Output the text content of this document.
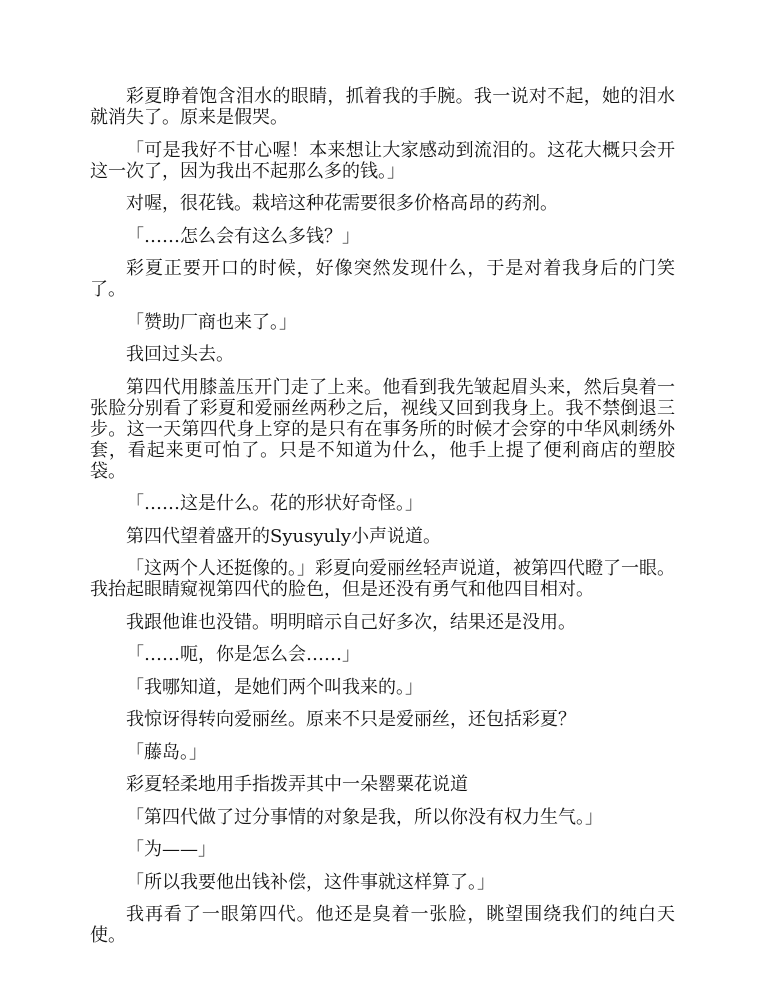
彩夏睁着饱含泪水的眼睛，抓着我的手腕。我一说对不起，她的泪水就消失了。原来是假哭。

「可是我好不甘心喔！本来想让大家感动到流泪的。这花大概只会开这一次了，因为我出不起那么多的钱。」

对喔，很花钱。栽培这种花需要很多价格高昂的药剂。

「……怎么会有这么多钱？」

彩夏正要开口的时候，好像突然发现什么，于是对着我身后的门笑了。

「赞助厂商也来了。」

我回过头去。

第四代用膝盖压开门走了上来。他看到我先皱起眉头来，然后臭着一张脸分别看了彩夏和爱丽丝两秒之后，视线又回到我身上。我不禁倒退三步。这一天第四代身上穿的是只有在事务所的时候才会穿的中华风刺绣外套，看起来更可怕了。只是不知道为什么，他手上提了便利商店的塑胶袋。

「……这是什么。花的形状好奇怪。」

第四代望着盛开的Syusyuly小声说道。

「这两个人还挺像的。」彩夏向爱丽丝轻声说道，被第四代瞪了一眼。我抬起眼睛窥视第四代的脸色，但是还没有勇气和他四目相对。

我跟他谁也没错。明明暗示自己好多次，结果还是没用。

「……呃，你是怎么会……」

「我哪知道，是她们两个叫我来的。」

我惊讶得转向爱丽丝。原来不只是爱丽丝，还包括彩夏？

「藤岛。」

彩夏轻柔地用手指拨弄其中一朵罂粟花说道

「第四代做了过分事情的对象是我，所以你没有权力生气。」

「为——」

「所以我要他出钱补偿，这件事就这样算了。」

我再看了一眼第四代。他还是臭着一张脸，眺望围绕我们的纯白天使。
